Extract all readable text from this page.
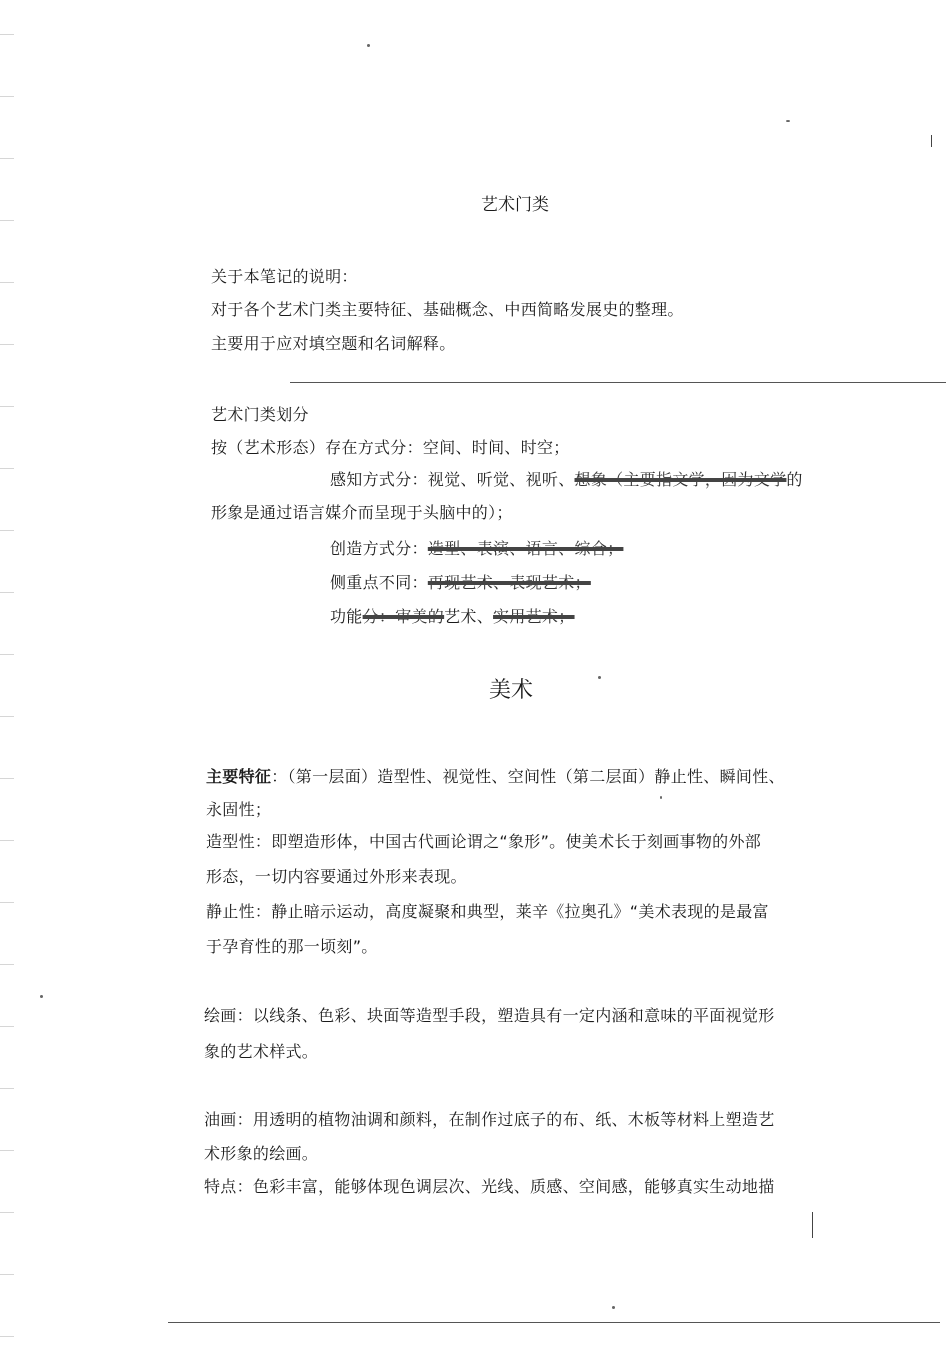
艺术门类
关于本笔记的说明：
对于各个艺术门类主要特征、基础概念、中西简略发展史的整理。
主要用于应对填空题和名词解释。
艺术门类划分
按（艺术形态）存在方式分：空间、时间、时空；
感知方式分：视觉、听觉、视听、想象（主要指文学，因为文学的
形象是通过语言媒介而呈现于头脑中的）；
创造方式分：造型、表演、语言、综合；
侧重点不同：再现艺术、表现艺术；
功能分：审美的艺术、实用艺术；
美术
主要特征：（第一层面）造型性、视觉性、空间性（第二层面）静止性、瞬间性、
永固性；
造型性：即塑造形体，中国古代画论谓之“象形”。使美术长于刻画事物的外部
形态，一切内容要通过外形来表现。
静止性：静止暗示运动，高度凝聚和典型，莱辛《拉奥孔》“美术表现的是最富
于孕育性的那一顷刻”。
绘画：以线条、色彩、块面等造型手段，塑造具有一定内涵和意味的平面视觉形
象的艺术样式。
油画：用透明的植物油调和颜料，在制作过底子的布、纸、木板等材料上塑造艺
术形象的绘画。
特点：色彩丰富，能够体现色调层次、光线、质感、空间感，能够真实生动地描
